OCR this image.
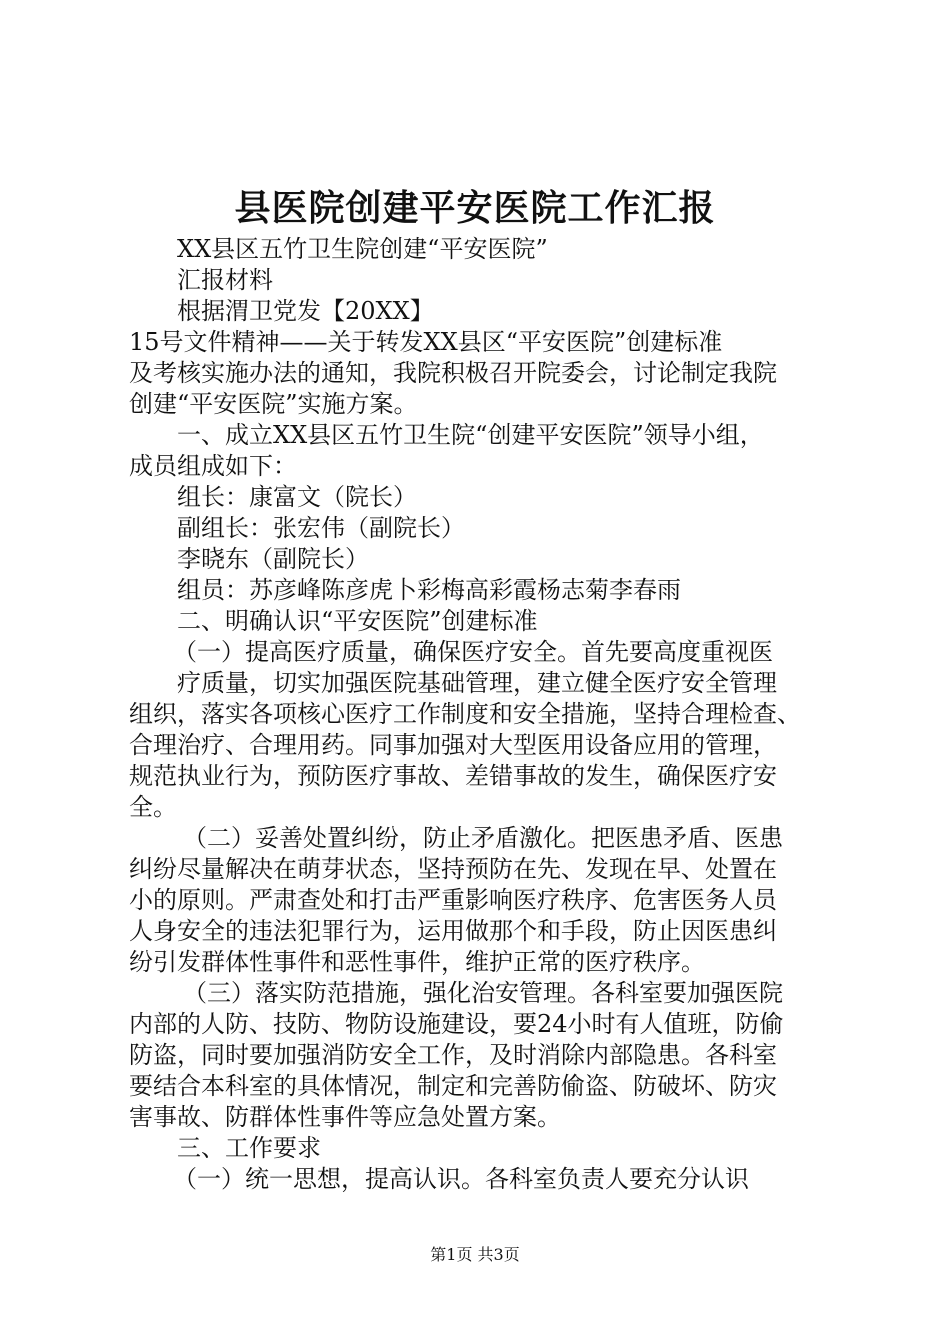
县医院创建平安医院工作汇报
XX县区五竹卫生院创建“平安医院”
汇报材料
根据渭卫党发【20XX】
15号文件精神——关于转发XX县区“平安医院”创建标准
及考核实施办法的通知，我院积极召开院委会，讨论制定我院
创建“平安医院”实施方案。
一、成立XX县区五竹卫生院“创建平安医院”领导小组，
成员组成如下：
组长：康富文（院长）
副组长：张宏伟（副院长）
李晓东（副院长）
组员：苏彦峰陈彦虎卜彩梅高彩霞杨志菊李春雨
二、明确认识“平安医院”创建标准
（一）提高医疗质量，确保医疗安全。首先要高度重视医
疗质量，切实加强医院基础管理，建立健全医疗安全管理
组织，落实各项核心医疗工作制度和安全措施，坚持合理检查、
合理治疗、合理用药。同事加强对大型医用设备应用的管理，
规范执业行为，预防医疗事故、差错事故的发生，确保医疗安
全。
（二）妥善处置纠纷，防止矛盾激化。把医患矛盾、医患
纠纷尽量解决在萌芽状态，坚持预防在先、发现在早、处置在
小的原则。严肃查处和打击严重影响医疗秩序、危害医务人员
人身安全的违法犯罪行为，运用做那个和手段，防止因医患纠
纷引发群体性事件和恶性事件，维护正常的医疗秩序。
（三）落实防范措施，强化治安管理。各科室要加强医院
内部的人防、技防、物防设施建设，要24小时有人值班，防偷
防盗，同时要加强消防安全工作，及时消除内部隐患。各科室
要结合本科室的具体情况，制定和完善防偷盗、防破坏、防灾
害事故、防群体性事件等应急处置方案。
三、工作要求
（一）统一思想，提高认识。各科室负责人要充分认识
第1页 共3页
